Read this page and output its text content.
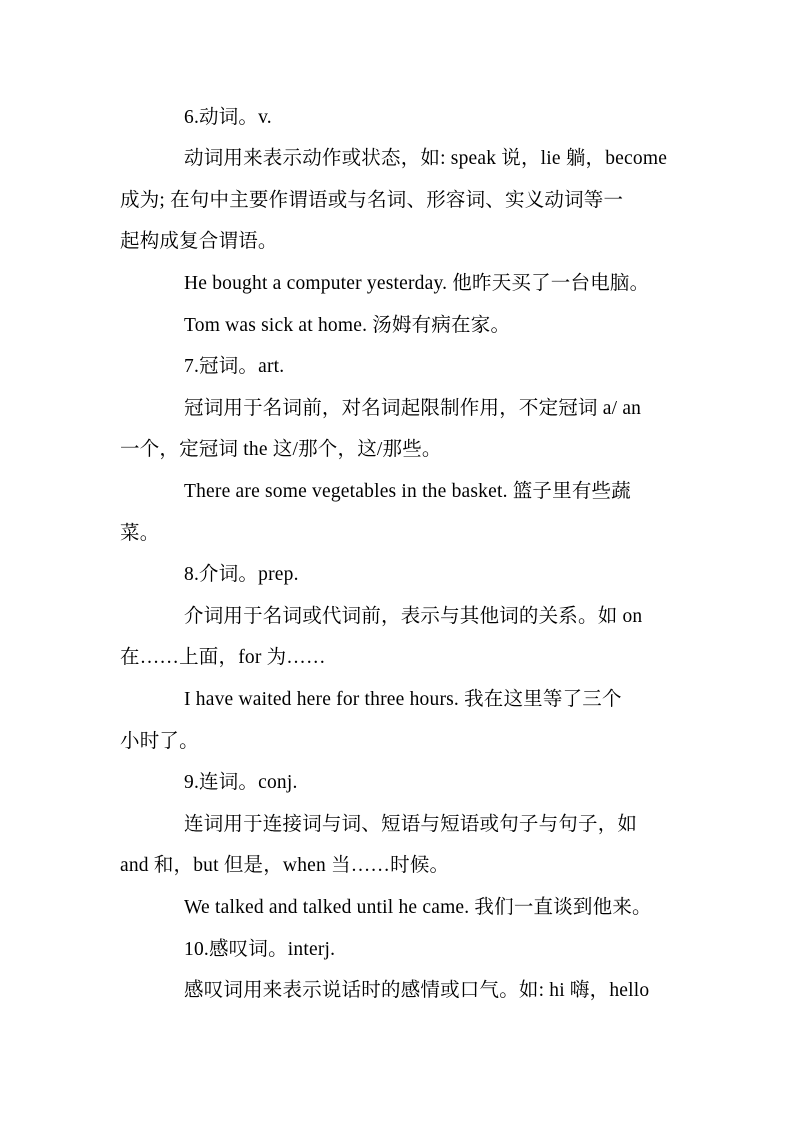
6.动词。v.
动词用来表示动作或状态，如: speak 说，lie 躺，become
成为; 在句中主要作谓语或与名词、形容词、实义动词等一
起构成复合谓语。
He bought a computer yesterday. 他昨天买了一台电脑。
Tom was sick at home. 汤姆有病在家。
7.冠词。art.
冠词用于名词前，对名词起限制作用，不定冠词 a/ an
一个，定冠词 the 这/那个，这/那些。
There are some vegetables in the basket. 篮子里有些蔬
菜。
8.介词。prep.
介词用于名词或代词前，表示与其他词的关系。如 on
在……上面，for 为……
I have waited here for three hours. 我在这里等了三个
小时了。
9.连词。conj.
连词用于连接词与词、短语与短语或句子与句子，如
and 和，but 但是，when 当……时候。
We talked and talked until he came. 我们一直谈到他来。
10.感叹词。interj.
感叹词用来表示说话时的感情或口气。如: hi 嗨，hello
